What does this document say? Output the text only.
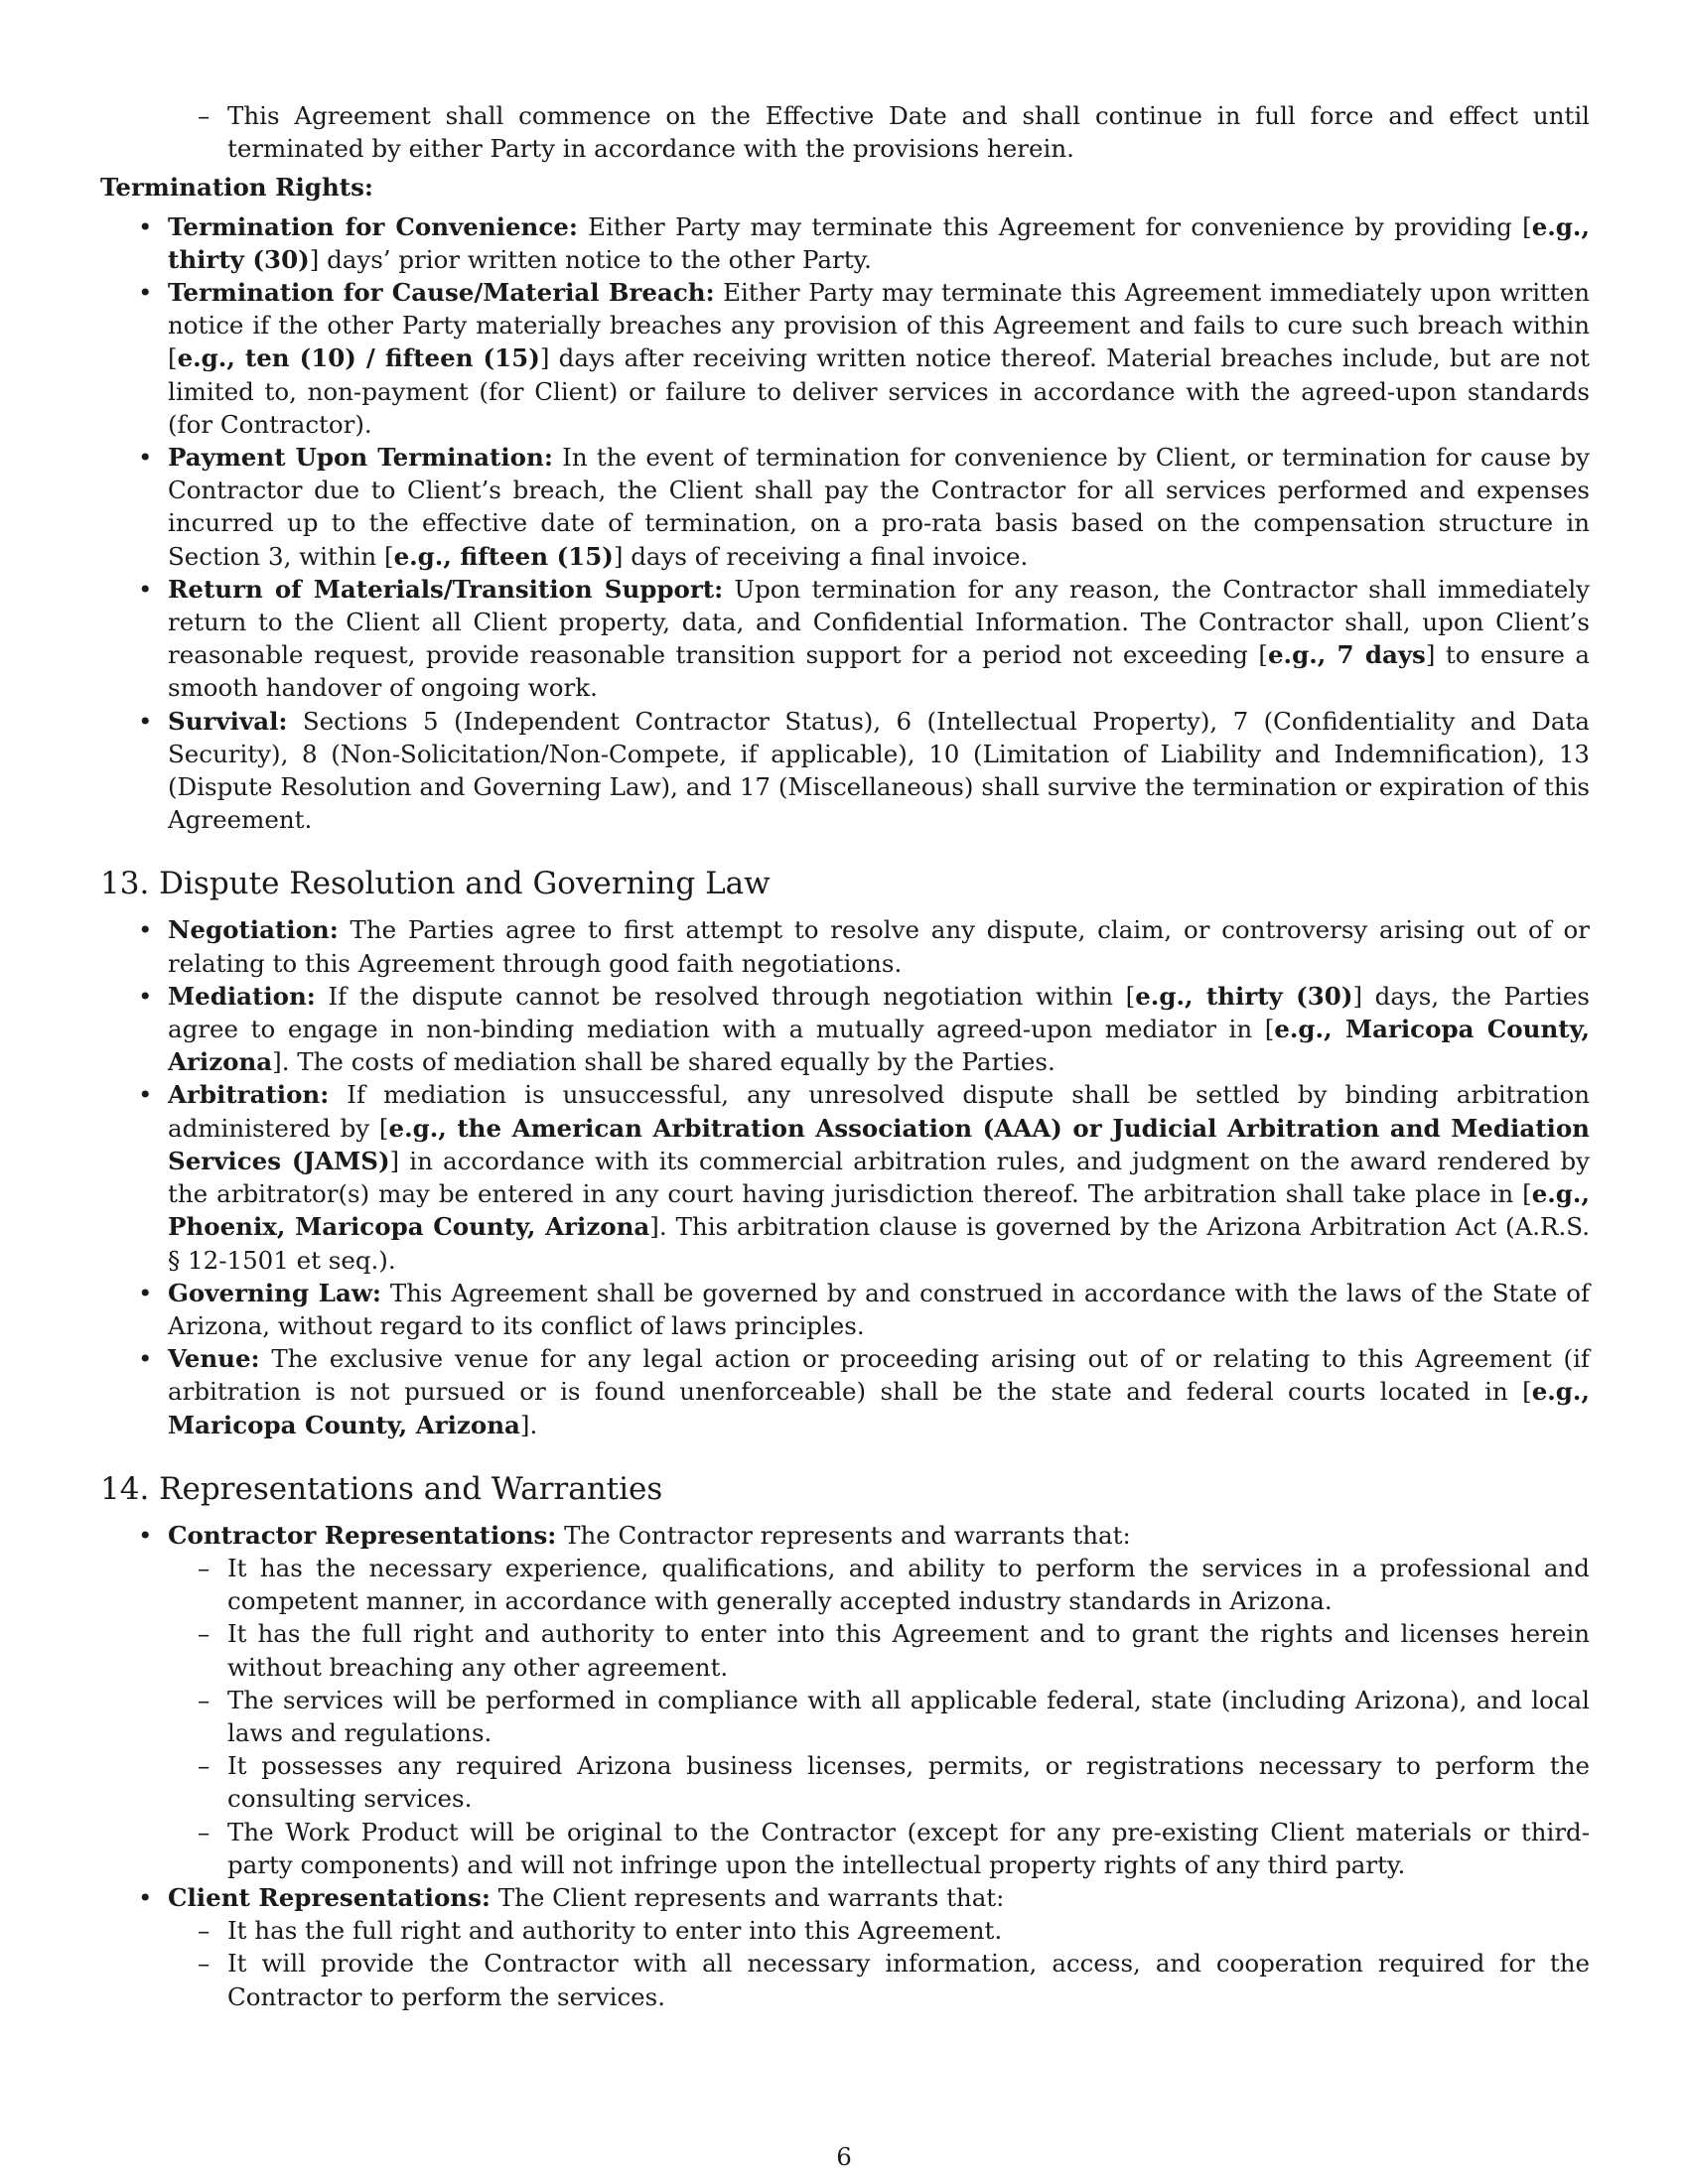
– This Agreement shall commence on the Effective Date and shall continue in full force and effect until terminated by either Party in accordance with the provisions herein.

Termination Rights:

• Termination for Convenience: Either Party may terminate this Agreement for convenience by providing [e.g., thirty (30)] days’ prior written notice to the other Party.
• Termination for Cause/Material Breach: Either Party may terminate this Agreement immediately upon written notice if the other Party materially breaches any provision of this Agreement and fails to cure such breach within [e.g., ten (10) / fifteen (15)] days after receiving written notice thereof. Material breaches include, but are not limited to, non-payment (for Client) or failure to deliver services in accordance with the agreed-upon standards (for Contractor).
• Payment Upon Termination: In the event of termination for convenience by Client, or termination for cause by Contractor due to Client’s breach, the Client shall pay the Contractor for all services performed and expenses incurred up to the effective date of termination, on a pro-rata basis based on the compensation structure in Section 3, within [e.g., fifteen (15)] days of receiving a final invoice.
• Return of Materials/Transition Support: Upon termination for any reason, the Contractor shall immediately return to the Client all Client property, data, and Confidential Information. The Contractor shall, upon Client’s reasonable request, provide reasonable transition support for a period not exceeding [e.g., 7 days] to ensure a smooth handover of ongoing work.
• Survival: Sections 5 (Independent Contractor Status), 6 (Intellectual Property), 7 (Confidentiality and Data Security), 8 (Non-Solicitation/Non-Compete, if applicable), 10 (Limitation of Liability and Indemnification), 13 (Dispute Resolution and Governing Law), and 17 (Miscellaneous) shall survive the termination or expiration of this Agreement.
13. Dispute Resolution and Governing Law
• Negotiation: The Parties agree to first attempt to resolve any dispute, claim, or controversy arising out of or relating to this Agreement through good faith negotiations.
• Mediation: If the dispute cannot be resolved through negotiation within [e.g., thirty (30)] days, the Parties agree to engage in non-binding mediation with a mutually agreed-upon mediator in [e.g., Maricopa County, Arizona]. The costs of mediation shall be shared equally by the Parties.
• Arbitration: If mediation is unsuccessful, any unresolved dispute shall be settled by binding arbitration administered by [e.g., the American Arbitration Association (AAA) or Judicial Arbitration and Mediation Services (JAMS)] in accordance with its commercial arbitration rules, and judgment on the award rendered by the arbitrator(s) may be entered in any court having jurisdiction thereof. The arbitration shall take place in [e.g., Phoenix, Maricopa County, Arizona]. This arbitration clause is governed by the Arizona Arbitration Act (A.R.S. § 12-1501 et seq.).
• Governing Law: This Agreement shall be governed by and construed in accordance with the laws of the State of Arizona, without regard to its conflict of laws principles.
• Venue: The exclusive venue for any legal action or proceeding arising out of or relating to this Agreement (if arbitration is not pursued or is found unenforceable) shall be the state and federal courts located in [e.g., Maricopa County, Arizona].
14. Representations and Warranties
• Contractor Representations: The Contractor represents and warrants that:
– It has the necessary experience, qualifications, and ability to perform the services in a professional and competent manner, in accordance with generally accepted industry standards in Arizona.
– It has the full right and authority to enter into this Agreement and to grant the rights and licenses herein without breaching any other agreement.
– The services will be performed in compliance with all applicable federal, state (including Arizona), and local laws and regulations.
– It possesses any required Arizona business licenses, permits, or registrations necessary to perform the consulting services.
– The Work Product will be original to the Contractor (except for any pre-existing Client materials or third-party components) and will not infringe upon the intellectual property rights of any third party.
• Client Representations: The Client represents and warrants that:
– It has the full right and authority to enter into this Agreement.
– It will provide the Contractor with all necessary information, access, and cooperation required for the Contractor to perform the services.
6
